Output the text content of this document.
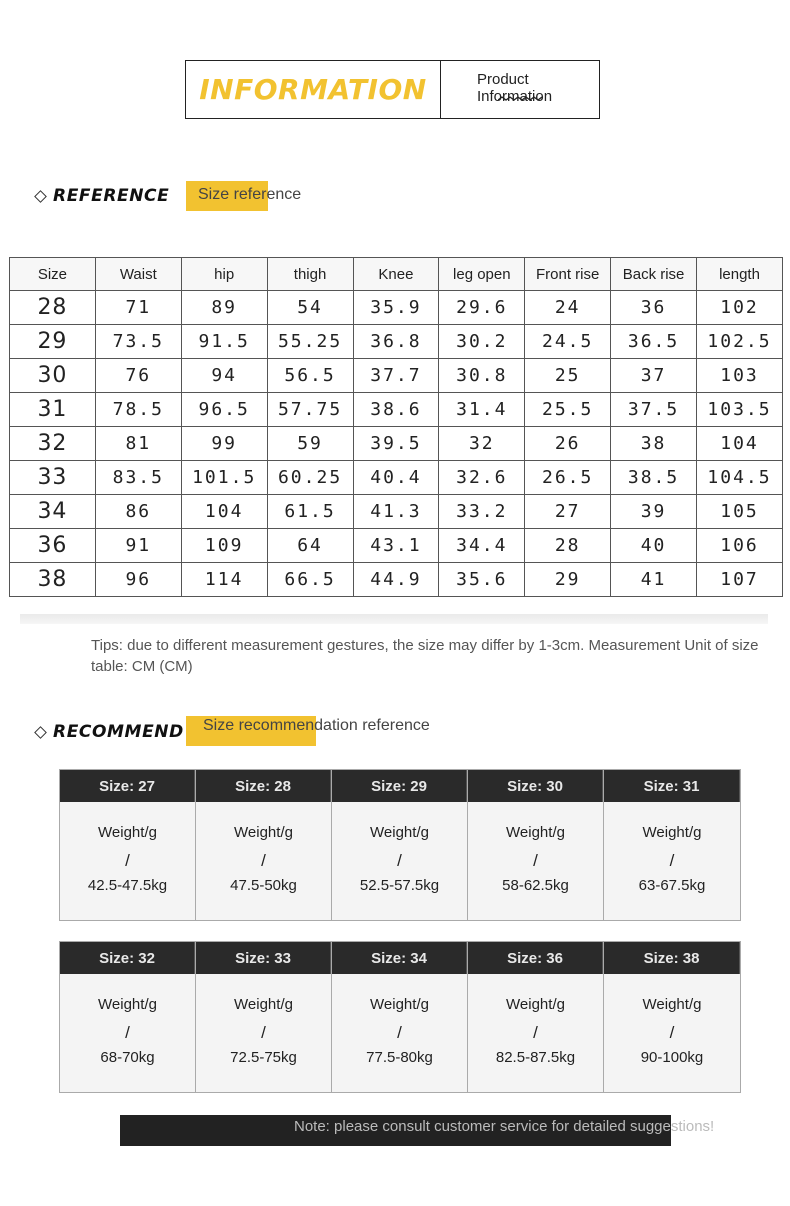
INFORMATION	Product Information
REFERENCE Size reference
Size	Waist	hip	thigh	Knee	leg open	Front rise	Back rise	length
28	71	89	54	35.9	29.6	24	36	102
29	73.5	91.5	55.25	36.8	30.2	24.5	36.5	102.5
30	76	94	56.5	37.7	30.8	25	37	103
31	78.5	96.5	57.75	38.6	31.4	25.5	37.5	103.5
32	81	99	59	39.5	32	26	38	104
33	83.5	101.5	60.25	40.4	32.6	26.5	38.5	104.5
34	86	104	61.5	41.3	33.2	27	39	105
36	91	109	64	43.1	34.4	28	40	106
38	96	114	66.5	44.9	35.6	29	41	107
Tips: due to different measurement gestures, the size may differ by 1-3cm. Measurement Unit of size table: CM (CM)
RECOMMEND Size recommendation reference
Size: 27
Weight/g
/
42.5-47.5kg
Size: 28
Weight/g
/
47.5-50kg
Size: 29
Weight/g
/
52.5-57.5kg
Size: 30
Weight/g
/
58-62.5kg
Size: 31
Weight/g
/
63-67.5kg
Size: 32
Weight/g
/
68-70kg
Size: 33
Weight/g
/
72.5-75kg
Size: 34
Weight/g
/
77.5-80kg
Size: 36
Weight/g
/
82.5-87.5kg
Size: 38
Weight/g
/
90-100kg
Note: please consult customer service for detailed suggestions!
